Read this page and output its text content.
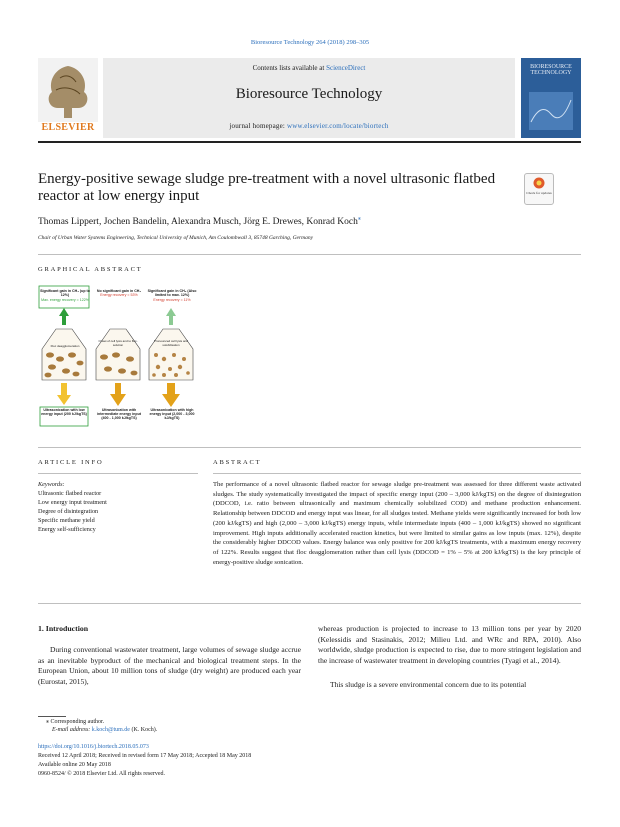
Bioresource Technology 264 (2018) 298–305
ELSEVIER
Contents lists available at ScienceDirect
Bioresource Technology
journal homepage: www.elsevier.com/locate/biortech
BIORESOURCE TECHNOLOGY
Energy-positive sewage sludge pre-treatment with a novel ultrasonic flatbed reactor at low energy input	Check for updates
Thomas Lippert, Jochen Bandelin, Alexandra Musch, Jörg E. Drewes, Konrad Koch⁎
Chair of Urban Water Systems Engineering, Technical University of Munich, Am Coulombwall 3, 85748 Garching, Germany
GRAPHICAL ABSTRACT
Significant gain in CH₄ (up to 12%)
Max. energy recovery = 122%
No significant gain in CH₄
Energy recovery = 53%
Significant gain in CH₄ (Also limited to max. 12%)
Energy recovery = 11%
Floc deagglomeration
Onset of cell lysis and to floc-solution
Pronounced cell lysis and solubilisation
Ultrasonication with low energy input (200 kJ/kgTS)
Ultrasonication with intermediate energy input (400 - 1,000 kJ/kgTS)
Ultrasonication with high energy input (2,000 - 3,000 kJ/kgTS)
ARTICLE INFO
Keywords:
Ultrasonic flatbed reactor
Low energy input treatment
Degree of disintegration
Specific methane yield
Energy self-sufficiency
ABSTRACT
The performance of a novel ultrasonic flatbed reactor for sewage sludge pre-treatment was assessed for three different waste activated sludges. The study systematically investigated the impact of specific energy input (200 – 3,000 kJ/kgTS) on the degree of disintegration (DDCOD, i.e. ratio between ultrasonically and maximum chemically solubilized COD) and methane production enhancement. Relationship between DDCOD and energy input was linear, for all sludges tested. Methane yields were significantly increased for both low (200 kJ/kgTS) and high (2,000 – 3,000 kJ/kgTS) energy inputs, while intermediate inputs (400 – 1,000 kJ/kgTS) showed no significant improvement. High inputs additionally accelerated reaction kinetics, but were limited to similar gains as low inputs (max. 12%), despite the considerably higher DDCOD values. Energy balance was only positive for 200 kJ/kgTS treatments, with a maximum energy recovery of 122%. Results suggest that floc deagglomeration rather than cell lysis (DDCOD = 1% – 5% at 200 kJ/kgTS) is the key principle of energy-positive sludge sonication.
1. Introduction
During conventional wastewater treatment, large volumes of sewage sludge accrue as an inevitable byproduct of the mechanical and biological treatment steps. In the European Union, about 10 million tons of sludge (dry weight) are produced each year (Eurostat, 2015),
whereas production is projected to increase to 13 million tons per year by 2020 (Kelessidis and Stasinakis, 2012; Milieu Ltd. and WRc and RPA, 2010). Also worldwide, sludge production is expected to rise, due to more stringent legislation and the increase of wastewater treatment in developing countries (Tyagi et al., 2014).
This sludge is a severe environmental concern due to its potential
⁎ Corresponding author.
E-mail address: k.koch@tum.de (K. Koch).
https://doi.org/10.1016/j.biortech.2018.05.073
Received 12 April 2018; Received in revised form 17 May 2018; Accepted 18 May 2018
Available online 20 May 2018
0960-8524/ © 2018 Elsevier Ltd. All rights reserved.
